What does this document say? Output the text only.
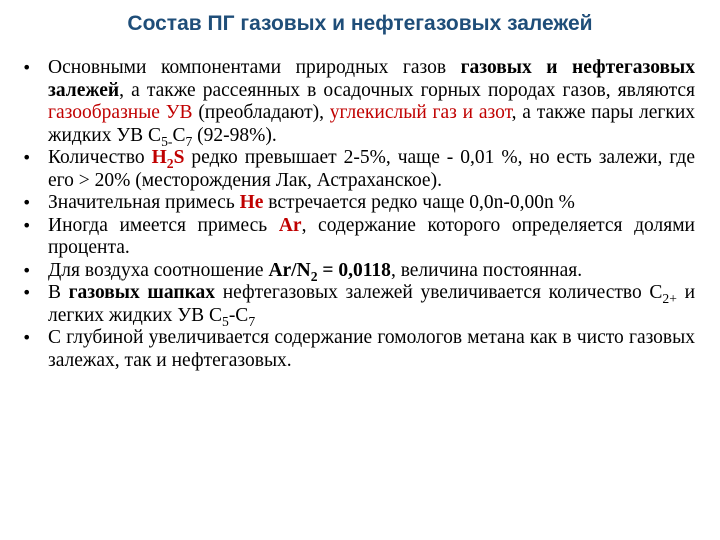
Состав ПГ газовых и нефтегазовых залежей
• Основными компонентами природных газов газовых и нефтегазовых залежей, а также рассеянных в осадочных горных породах газов, являются газообразные УВ (преобладают), углекислый газ и азот, а также пары легких жидких УВ $С_{5-}С_7$ (92-98%).
• Количество $H_2S$ редко превышает 2-5%, чаще - 0,01 %, но есть залежи, где его > 20% (месторождения Лак, Астраханское).
• Значительная примесь He встречается редко чаще 0,0n-0,00n %
• Иногда имеется примесь Ar, содержание которого определяется долями процента.
• Для воздуха соотношение $Ar/N_2 = 0,0118$, величина постоянная.
• В газовых шапках нефтегазовых залежей увеличивается количество $С_{2+}$ и легких жидких УВ $С_5-С_7$
• С глубиной увеличивается содержание гомологов метана как в чисто газовых залежах, так и нефтегазовых.
